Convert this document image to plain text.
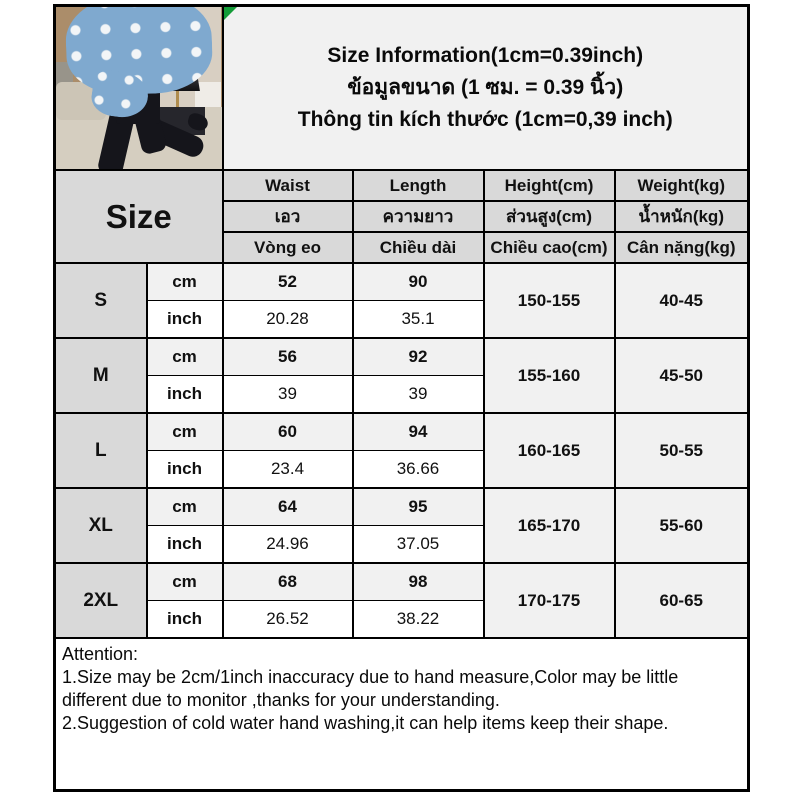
		Size Information(1cm=0.39inch)
ข้อมูลขนาด (1 ซม. = 0.39 นิ้ว)
Thông tin kích thước (1cm=0,39 inch)			

Size		Waist	Length	Height(cm)	Weight(kg)
		เอว	ความยาว	ส่วนสูง(cm)	น้ำหนัก(kg)
		Vòng eo	Chiều dài	Chiều cao(cm)	Cân nặng(kg)
S	cm	52	90	150-155	40-45
	inch	20.28	35.1		
M	cm	56	92	155-160	45-50
	inch	39	39		
L	cm	60	94	160-165	50-55
	inch	23.4	36.66		
XL	cm	64	95	165-170	55-60
	inch	24.96	37.05		
2XL	cm	68	98	170-175	60-65
	inch	26.52	38.22		

Attention:

1.Size may be 2cm/1inch inaccuracy due to hand measure,Color may be little different due to monitor ,thanks for your understanding.

2.Suggestion of cold water hand washing,it can help items keep their shape.					
